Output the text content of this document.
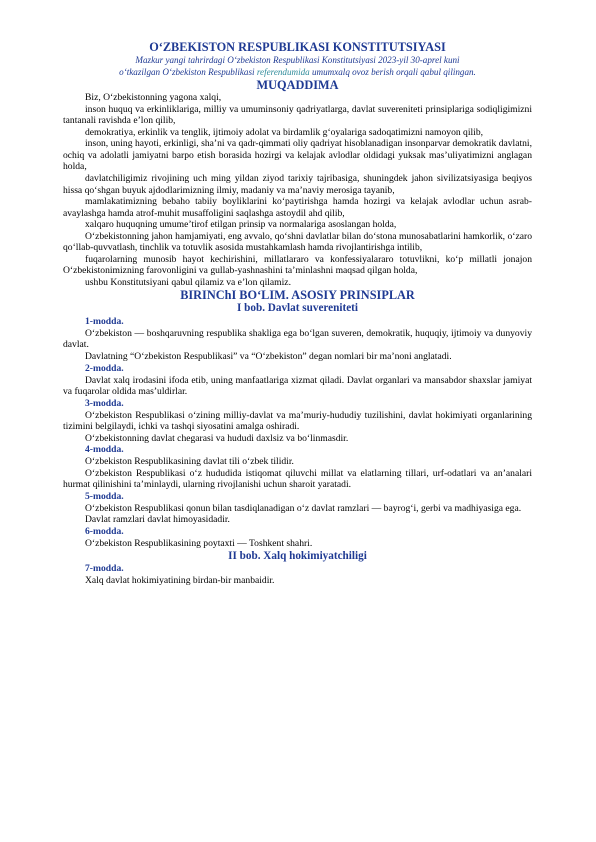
O‘ZBEKISTON RESPUBLIKASI KONSTITUTSIYASI

Mazkur yangi tahrirdagi O‘zbekiston Respublikasi Konstitutsiyasi 2023-yil 30-aprel kuni
o‘tkazilgan O‘zbekiston Respublikasi referendumida umumxalq ovoz berish orqali qabul qilingan.

MUQADDIMA

Biz, O‘zbekistonning yagona xalqi,

inson huquq va erkinliklariga, milliy va umuminsoniy qadriyatlarga, davlat suvereniteti prinsiplariga sodiqligimizni tantanali ravishda e’lon qilib,

demokratiya, erkinlik va tenglik, ijtimoiy adolat va birdamlik g‘oyalariga sadoqatimizni namoyon qilib,

inson, uning hayoti, erkinligi, sha’ni va qadr-qimmati oliy qadriyat hisoblanadigan insonparvar demokratik davlatni, ochiq va adolatli jamiyatni barpo etish borasida hozirgi va kelajak avlodlar oldidagi yuksak mas’uliyatimizni anglagan holda,

davlatchiligimiz rivojining uch ming yildan ziyod tarixiy tajribasiga, shuningdek jahon sivilizatsiyasiga beqiyos hissa qo‘shgan buyuk ajdodlarimizning ilmiy, madaniy va ma’naviy merosiga tayanib,

mamlakatimizning bebaho tabiiy boyliklarini ko‘paytirishga hamda hozirgi va kelajak avlodlar uchun asrab-avaylashga hamda atrof-muhit musaffoligini saqlashga astoydil ahd qilib,

xalqaro huquqning umume’tirof etilgan prinsip va normalariga asoslangan holda,

O‘zbekistonning jahon hamjamiyati, eng avvalo, qo‘shni davlatlar bilan do‘stona munosabatlarini hamkorlik, o‘zaro qo‘llab-quvvatlash, tinchlik va totuvlik asosida mustahkamlash hamda rivojlantirishga intilib,

fuqarolarning munosib hayot kechirishini, millatlararo va konfessiyalararo totuvlikni, ko‘p millatli jonajon O‘zbekistonimizning farovonligini va gullab-yashnashini ta’minlashni maqsad qilgan holda,

ushbu Konstitutsiyani qabul qilamiz va e’lon qilamiz.

BIRINChI BO‘LIM. ASOSIY PRINSIPLAR

I bob. Davlat suvereniteti

1-modda.

O‘zbekiston — boshqaruvning respublika shakliga ega bo‘lgan suveren, demokratik, huquqiy, ijtimoiy va dunyoviy davlat.

Davlatning “O‘zbekiston Respublikasi” va “O‘zbekiston” degan nomlari bir ma’noni anglatadi.

2-modda.

Davlat xalq irodasini ifoda etib, uning manfaatlariga xizmat qiladi. Davlat organlari va mansabdor shaxslar jamiyat va fuqarolar oldida mas’uldirlar.

3-modda.

O‘zbekiston Respublikasi o‘zining milliy-davlat va ma’muriy-hududiy tuzilishini, davlat hokimiyati organlarining tizimini belgilaydi, ichki va tashqi siyosatini amalga oshiradi.

O‘zbekistonning davlat chegarasi va hududi daxlsiz va bo‘linmasdir.

4-modda.

O‘zbekiston Respublikasining davlat tili o‘zbek tilidir.

O‘zbekiston Respublikasi o‘z hududida istiqomat qiluvchi millat va elatlarning tillari, urf-odatlari va an’analari hurmat qilinishini ta’minlaydi, ularning rivojlanishi uchun sharoit yaratadi.

5-modda.

O‘zbekiston Respublikasi qonun bilan tasdiqlanadigan o‘z davlat ramzlari — bayrog‘i, gerbi va madhiyasiga ega.

Davlat ramzlari davlat himoyasidadir.

6-modda.

O‘zbekiston Respublikasining poytaxti — Toshkent shahri.

II bob. Xalq hokimiyatchiligi

7-modda.

Xalq davlat hokimiyatining birdan-bir manbaidir.
